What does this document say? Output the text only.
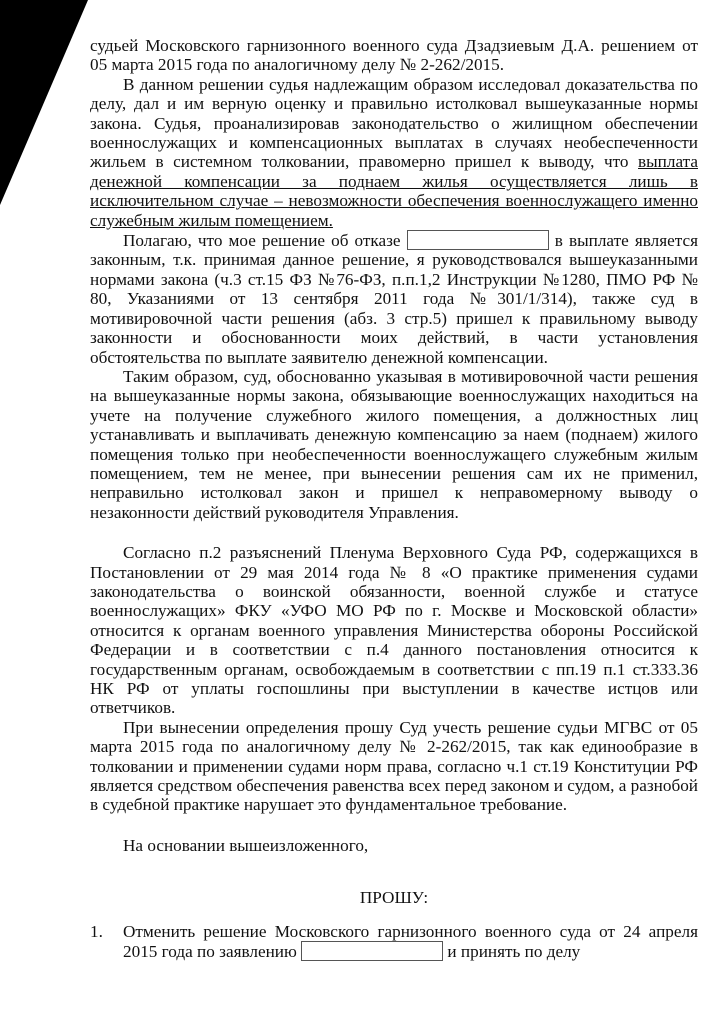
судьей Московского гарнизонного военного суда Дзадзиевым Д.А. решением от 05 марта 2015 года по аналогичному делу № 2-262/2015.

В данном решении судья надлежащим образом исследовал доказательства по делу, дал и им верную оценку и правильно истолковал вышеуказанные нормы закона. Судья, проанализировав законодательство о жилищном обеспечении военнослужащих и компенсационных выплатах в случаях необеспеченности жильем в системном толковании, правомерно пришел к выводу, что выплата денежной компенсации за поднаем жилья осуществляется лишь в исключительном случае – невозможности обеспечения военнослужащего именно служебным жилым помещением.

Полагаю, что мое решение об отказе	в выплате является законным, т.к. принимая данное решение, я руководствовался вышеуказанными нормами закона (ч.3 ст.15 ФЗ №76-ФЗ, п.п.1,2 Инструкции №1280, ПМО РФ № 80, Указаниями от 13 сентября 2011 года №301/1/314), также суд в мотивировочной части решения (абз. 3 стр.5) пришел к правильному выводу законности и обоснованности моих действий, в части установления обстоятельства по выплате заявителю денежной компенсации.

Таким образом, суд, обоснованно указывая в мотивировочной части решения на вышеуказанные нормы закона, обязывающие военнослужащих находиться на учете на получение служебного жилого помещения, а должностных лиц устанавливать и выплачивать денежную компенсацию за наем (поднаем) жилого помещения только при необеспеченности военнослужащего служебным жилым помещением, тем не менее, при вынесении решения сам их не применил, неправильно истолковал закон и пришел к неправомерному выводу о незаконности действий руководителя Управления.

Согласно п.2 разъяснений Пленума Верховного Суда РФ, содержащихся в Постановлении от 29 мая 2014 года № 8 «О практике применения судами законодательства о воинской обязанности, военной службе и статусе военнослужащих» ФКУ «УФО МО РФ по г. Москве и Московской области» относится к органам военного управления Министерства обороны Российской Федерации и в соответствии с п.4 данного постановления относится к государственным органам, освобождаемым в соответствии с пп.19 п.1 ст.333.36 НК РФ от уплаты госпошлины при выступлении в качестве истцов или ответчиков.

При вынесении определения прошу Суд учесть решение судьи МГВС от 05 марта 2015 года по аналогичному делу № 2-262/2015, так как единообразие в толковании и применении судами норм права, согласно ч.1 ст.19 Конституции РФ является средством обеспечения равенства всех перед законом и судом, а разнобой в судебной практике нарушает это фундаментальное требование.

На основании вышеизложенного,

ПРОШУ:

1.	Отменить решение Московского гарнизонного военного суда от 24 апреля 2015 года по заявлению	и принять по делу
